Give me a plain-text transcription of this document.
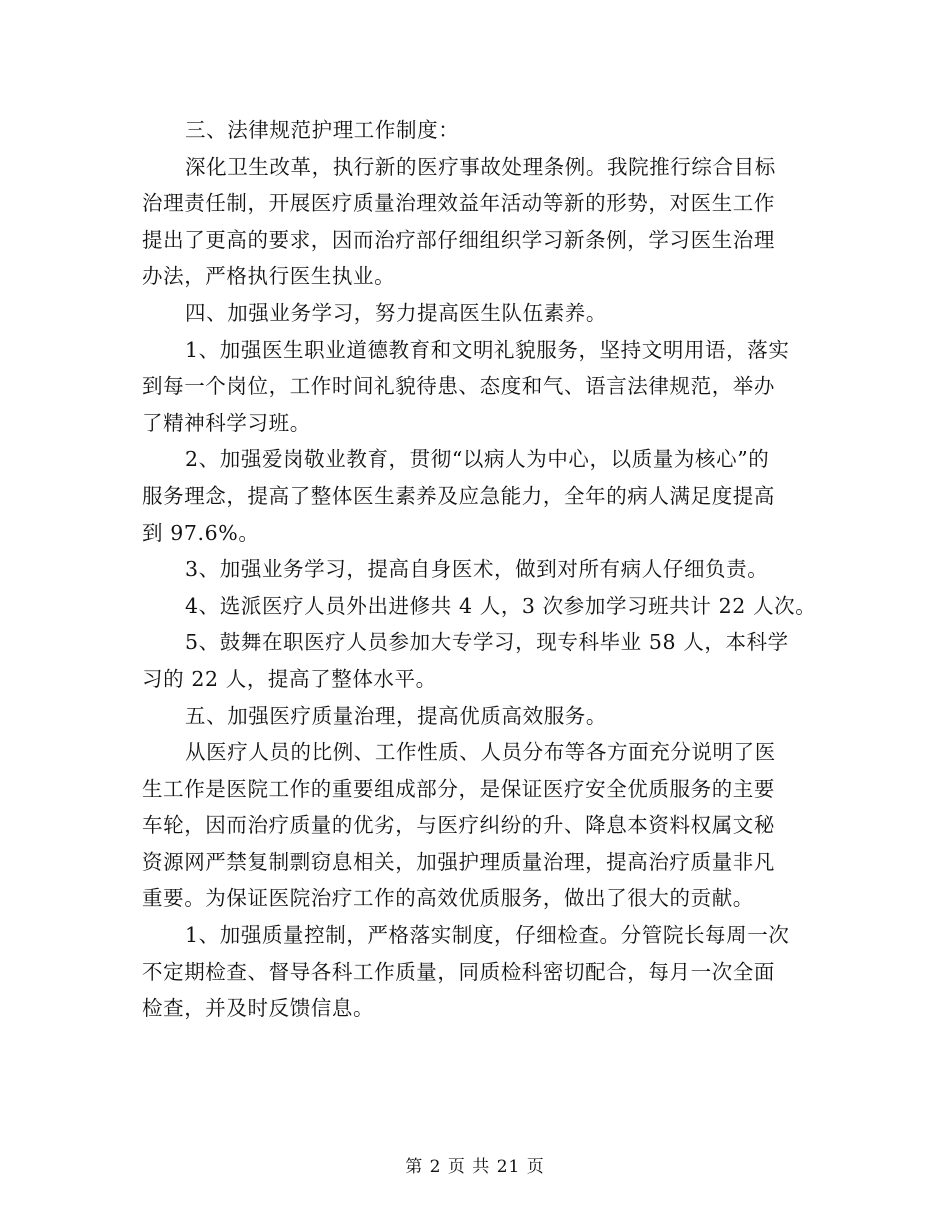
三、法律规范护理工作制度：
深化卫生改革，执行新的医疗事故处理条例。我院推行综合目标
治理责任制，开展医疗质量治理效益年活动等新的形势，对医生工作
提出了更高的要求，因而治疗部仔细组织学习新条例，学习医生治理
办法，严格执行医生执业。
四、加强业务学习，努力提高医生队伍素养。
1、加强医生职业道德教育和文明礼貌服务，坚持文明用语，落实
到每一个岗位，工作时间礼貌待患、态度和气、语言法律规范，举办
了精神科学习班。
2、加强爱岗敬业教育，贯彻“以病人为中心，以质量为核心”的
服务理念，提高了整体医生素养及应急能力，全年的病人满足度提高
到 97.6%。
3、加强业务学习，提高自身医术，做到对所有病人仔细负责。
4、选派医疗人员外出进修共 4 人，3 次参加学习班共计 22 人次。
5、鼓舞在职医疗人员参加大专学习，现专科毕业 58 人，本科学
习的 22 人，提高了整体水平。
五、加强医疗质量治理，提高优质高效服务。
从医疗人员的比例、工作性质、人员分布等各方面充分说明了医
生工作是医院工作的重要组成部分，是保证医疗安全优质服务的主要
车轮，因而治疗质量的优劣，与医疗纠纷的升、降息本资料权属文秘
资源网严禁复制剽窃息相关，加强护理质量治理，提高治疗质量非凡
重要。为保证医院治疗工作的高效优质服务，做出了很大的贡献。
1、加强质量控制，严格落实制度，仔细检查。分管院长每周一次
不定期检查、督导各科工作质量，同质检科密切配合，每月一次全面
检查，并及时反馈信息。
第 2 页 共 21 页
